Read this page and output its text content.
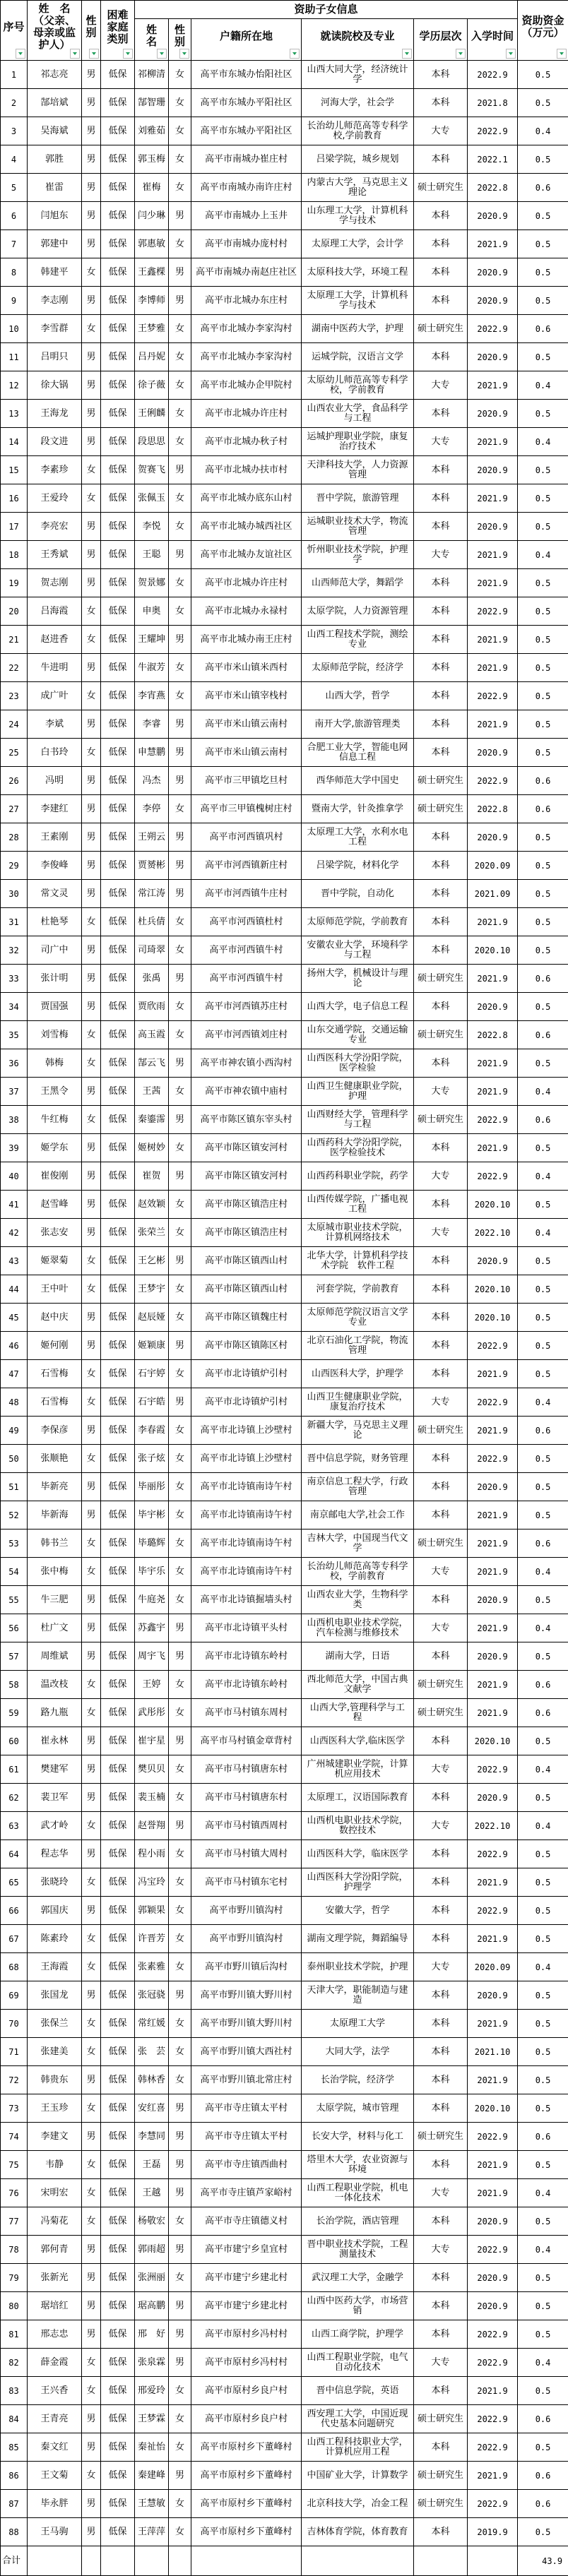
序号	姓　名（父亲、母亲或监护人）	性别	困难家庭类别	资助子女信息						资助资金（万元）

				姓　名	性别	户籍所在地	就读院校及专业	学历层次	入学时间	

1	祁志亮	男	低保	祁柳清	女	高平市东城办怡阳社区	山西大同大学，经济统计学	本科	2022.9	0.5
2	郜培斌	男	低保	郜智珊	女	高平市东城办平阳社区	河海大学，社会学	本科	2021.8	0.5
3	吴海斌	男	低保	刘雅茹	女	高平市东城办平阳社区	长治幼儿师范高等专科学校,学前教育	大专	2022.9	0.4
4	郭胜	男	低保	郭玉梅	女	高平市南城办崔庄村	吕梁学院，城乡规划	本科	2022.1	0.5
5	崔雷	男	低保	崔梅	女	高平市南城办南许庄村	内蒙古大学，马克思主义理论	硕士研究生	2022.8	0.6
6	闫旭东	男	低保	闫少琳	男	高平市南城办上玉井	山东理工大学，计算机科学与技术	本科	2020.9	0.5
7	郭建中	男	低保	郭惠敏	女	高平市南城办庞村村	太原理工大学，会计学	本科	2021.9	0.5
8	韩建平	女	低保	王鑫棵	男	高平市南城办南赵庄社区	太原科技大学，环境工程	本科	2020.9	0.5
9	李志刚	男	低保	李博师	男	高平市北城办东庄村	太原理工大学，计算机科学与技术	本科	2020.9	0.5
10	李雪群	女	低保	王梦雅	女	高平市北城办李家沟村	湖南中医药大学，护理	硕士研究生	2022.9	0.6
11	吕明只	男	低保	吕丹妮	女	高平市北城办李家沟村	运城学院，汉语言文学	本科	2020.9	0.5
12	徐大锅	男	低保	徐子薇	女	高平市北城办企甲院村	太原幼儿师范高等专科学校，学前教育	大专	2021.9	0.4
13	王海龙	男	低保	王俐麟	女	高平市北城办许庄村	山西农业大学，食品科学与工程	本科	2020.9	0.5
14	段文进	男	低保	段思思	女	高平市北城办秋子村	运城护理职业学院，康复治疗技术	大专	2021.9	0.4
15	李素珍	女	低保	贺赛飞	男	高平市北城办扶市村	天津科技大学，人力资源管理	本科	2020.9	0.5
16	王爱玲	女	低保	张佩玉	女	高平市北城办底东山村	晋中学院，旅游管理	本科	2021.9	0.5
17	李亮宏	男	低保	李悦	女	高平市北城办城西社区	运城职业技术大学，物流管理	本科	2020.9	0.5
18	王秀斌	男	低保	王聪	男	高平市北城办友谊社区	忻州职业技术学院，护理学	大专	2021.9	0.4
19	贺志刚	男	低保	贺景娜	女	高平市北城办许庄村	山西师范大学，舞蹈学	本科	2021.9	0.5
20	吕海霞	女	低保	申奥	女	高平市北城办永禄村	太原学院，人力资源管理	本科	2022.9	0.5
21	赵进香	女	低保	王耀坤	男	高平市北城办南王庄村	山西工程技术学院，测绘专业	本科	2021.9	0.5
22	牛进明	男	低保	牛淑芳	女	高平市米山镇米西村	太原师范学院，经济学	本科	2021.9	0.5
23	成广叶	女	低保	李宵燕	女	高平市米山镇宰栈村	山西大学，哲学	本科	2022.9	0.5
24	李斌	男	低保	李睿	男	高平市米山镇云南村	南开大学,旅游管理类	本科	2021.9	0.5
25	白书玲	女	低保	申慧鹏	男	高平市米山镇云南村	合肥工业大学，智能电网信息工程	本科	2020.9	0.5
26	冯明	男	低保	冯杰	男	高平市三甲镇圪旦村	西华师范大学中国史	硕士研究生	2022.9	0.6
27	李建红	男	低保	李停	女	高平市三甲镇槐树庄村	暨南大学，针灸推拿学	硕士研究生	2022.8	0.6
28	王素刚	男	低保	王朔云	男	高平市河西镇巩村	太原理工大学，水利水电工程	本科	2020.9	0.5
29	李俊峰	男	低保	贾赟彬	男	高平市河西镇新庄村	吕梁学院，材料化学	本科	2020.09	0.5
30	常文灵	男	低保	常江涛	男	高平市河西镇牛庄村	晋中学院，自动化	本科	2021.09	0.5
31	杜艳琴	女	低保	杜兵倩	女	高平市河西镇杜村	太原师范学院，学前教育	本科	2021.9	0.5
32	司广中	男	低保	司琦翠	女	高平市河西镇牛村	安徽农业大学，环境科学与工程	本科	2020.10	0.5
33	张计明	男	低保	张禹	男	高平市河西镇牛村	扬州大学，机械设计与理论	硕士研究生	2021.9	0.6
34	贾国强	男	低保	贾欣雨	女	高平市河西镇苏庄村	山西大学，电子信息工程	本科	2020.9	0.5
35	刘雪梅	女	低保	高玉霞	女	高平市河西镇刘庄村	山东交通学院，交通运输专业	硕士研究生	2022.8	0.6
36	韩梅	女	低保	郜云飞	男	高平市神农镇小西沟村	山西医科大学汾阳学院，医学检验	本科	2021.9	0.5
37	王黑令	男	低保	王茜	女	高平市神农镇中庙村	山西卫生健康职业学院，护理	大专	2021.9	0.4
38	牛红梅	女	低保	秦鎏霈	男	高平市陈区镇东宰头村	山西财经大学，管理科学与工程	硕士研究生	2022.9	0.6
39	姬学东	男	低保	姬树妙	女	高平市陈区镇安河村	山西药科大学汾阳学院，医学检验技术	本科	2021.9	0.5
40	崔俊刚	男	低保	崔贺	男	高平市陈区镇安河村	山西药科职业学院，药学	大专	2022.9	0.4
41	赵雪峰	男	低保	赵效颖	女	高平市陈区镇浩庄村	山西传媒学院，广播电视工程	本科	2020.10	0.5
42	张志安	男	低保	张荣兰	女	高平市陈区镇浩庄村	太原城市职业技术学院，计算机网络技术	大专	2022.10	0.4
43	姬翠菊	女	低保	王乞彬	男	高平市陈区镇西山村	北华大学，计算机科学技术学院　软件工程	本科	2020.9	0.5
44	王中叶	女	低保	王梦宇	女	高平市陈区镇西山村	河套学院，学前教育	本科	2020.10	0.5
45	赵中庆	男	低保	赵辰娅	女	高平市陈区镇魏庄村	太原师范学院汉语言文学专业	本科	2020.10	0.5
46	姬何刚	男	低保	姬颖康	男	高平市陈区镇陈区村	北京石油化工学院，物流管理	本科	2022.9	0.5
47	石雪梅	女	低保	石宇婷	女	高平市北诗镇炉引村	山西医科大学，护理学	本科	2021.9	0.5
48	石雪梅	女	低保	石宇皓	男	高平市北诗镇炉引村	山西卫生健康职业学院，康复治疗技术	大专	2022.9	0.4
49	李保彦	男	低保	李春霞	女	高平市北诗镇上沙壁村	新疆大学，马克思主义理论	硕士研究生	2021.9	0.6
50	张顺艳	女	低保	张子炫	女	高平市北诗镇上沙壁村	晋中信息学院，财务管理	本科	2022.9	0.5
51	毕新亮	男	低保	毕丽彤	女	高平市北诗镇南诗午村	南京信息工程大学，行政管理	本科	2020.9	0.5
52	毕新海	男	低保	毕宇彬	女	高平市北诗镇南诗午村	南京邮电大学,社会工作	本科	2021.9	0.5
53	韩书兰	女	低保	毕璐辉	女	高平市北诗镇南诗午村	吉林大学，中国现当代文学	硕士研究生	2021.9	0.6
54	张中梅	女	低保	毕宇乐	女	高平市北诗镇南诗午村	长治幼儿师范高等专科学校，学前教育	大专	2021.9	0.4
55	牛三肥	男	低保	牛庭尧	女	高平市北诗镇掘墙头村	山西农业大学，生物科学类	本科	2020.9	0.5
56	杜广文	男	低保	苏鑫宇	男	高平市北诗镇平头村	山西机电职业技术学院，汽车检测与维修技术	大专	2021.9	0.4
57	周维斌	男	低保	周宇飞	男	高平市北诗镇东岭村	湖南大学，日语	本科	2020.9	0.5
58	温改枝	女	低保	王婷	女	高平市北诗镇东岭村	西北师范大学，中国古典文献学	硕士研究生	2021.9	0.6
59	路九瓶	女	低保	武彤彤	女	高平市马村镇东周村	山西大学,管理科学与工程	硕士研究生	2021.9	0.6
60	崔永林	男	低保	崔宇星	男	高平市马村镇金章背村	山西医科大学,临床医学	本科	2020.10	0.5
61	樊建军	男	低保	樊贝贝	女	高平市马村镇唐东村	广州城建职业学院，计算机应用技术	大专	2022.9	0.4
62	裴卫军	男	低保	裴玉楠	女	高平市马村镇唐东村	太原理工，汉语国际教育	本科	2020.9	0.5
63	武才岭	女	低保	赵誉翔	男	高平市马村镇西周村	山西机电职业技术学院，数控技术	大专	2022.10	0.4
64	程志华	男	低保	程小雨	女	高平市马村镇大周村	山西医科大学，临床医学	本科	2022.9	0.5
65	张晓玲	女	低保	冯宝玲	女	高平市马村镇东宅村	山西医科大学汾阳学院，护理学	本科	2021.9	0.5
66	郭国庆	男	低保	郭颖果	女	高平市野川镇沟村	安徽大学，哲学	本科	2022.9	0.5
67	陈素玲	女	低保	许晋芳	女	高平市野川镇沟村	湖南文理学院，舞蹈编导	本科	2021.9	0.5
68	王海霞	女	低保	张素雅	女	高平市野川镇后沟村	泰州职业技术学院，护理	大专	2020.09	0.4
69	张国龙	男	低保	张冠骁	男	高平市野川镇大野川村	天津大学，职能制造与建造	本科	2020.9	0.5
70	张保兰	女	低保	常红媛	女	高平市野川镇大野川村	太原理工大学	本科	2021.9	0.5
71	张建美	女	低保	张　芸	女	高平市野川镇大西社村	大同大学，法学	本科	2021.10	0.5
72	韩贵东	男	低保	韩林香	女	高平市野川镇北常庄村	长治学院，经济学	本科	2021.9	0.5
73	王玉珍	女	低保	安红喜	男	高平市寺庄镇太平村	太原学院，城市管理	本科	2020.10	0.5
74	李建文	男	低保	李慧同	男	高平市寺庄镇太平村	长安大学，材料与化工	硕士研究生	2022.9	0.6
75	韦静	女	低保	王磊	男	高平市寺庄镇西曲村	塔里木大学，农业资源与环境	本科	2021.9	0.5
76	宋明宏	女	低保	王越	男	高平市寺庄镇芦家峪村	山西工程职业学院，机电一体化技术	大专	2021.9	0.4
77	冯菊花	女	低保	杨敬宏	女	高平市寺庄镇德义村	长治学院，酒店管理	本科	2020.9	0.5
78	郭何青	男	低保	郭雨超	男	高平市建宁乡皇宜村	晋中职业技术学院，工程测量技术	大专	2022.9	0.4
79	张新光	男	低保	张洲丽	女	高平市建宁乡建北村	武汉理工大学，金融学	本科	2020.9	0.5
80	琚培红	男	低保	琚高鹏	男	高平市建宁乡建北村	山西中医药大学，市场营销	本科	2020.9	0.5
81	邢志忠	男	低保	邢　好	男	高平市原村乡冯村村	山西工商学院，护理学	本科	2022.9	0.5
82	薛金霞	女	低保	张泉霖	男	高平市原村乡冯村村	山西工程职业学院，电气自动化技术	大专	2022.9	0.4
83	王兴香	女	低保	邢爱玲	女	高平市原村乡良户村	晋中信息学院，英语	本科	2021.9	0.5
84	王青亮	男	低保	王梦霖	女	高平市原村乡良户村	西安理工大学，中国近现代史基本问题研究	硕士研究生	2022.9	0.6
85	秦文红	男	低保	秦祉怡	女	高平市原村乡下董峰村	山西工程科技职业大学，计算机应用工程	本科	2022.9	0.5
86	王文菊	女	低保	秦建峰	男	高平市原村乡下董峰村	中国矿业大学，计算数学	硕士研究生	2021.9	0.6
87	毕永胖	男	低保	王慧敏	女	高平市原村乡下董峰村	北京科技大学，冶金工程	硕士研究生	2022.9	0.6
88	王马驹	男	低保	王萍萍	女	高平市原村乡下董峰村	吉林体育学院，体育教育	本科	2019.9	0.5
合计										43.9
